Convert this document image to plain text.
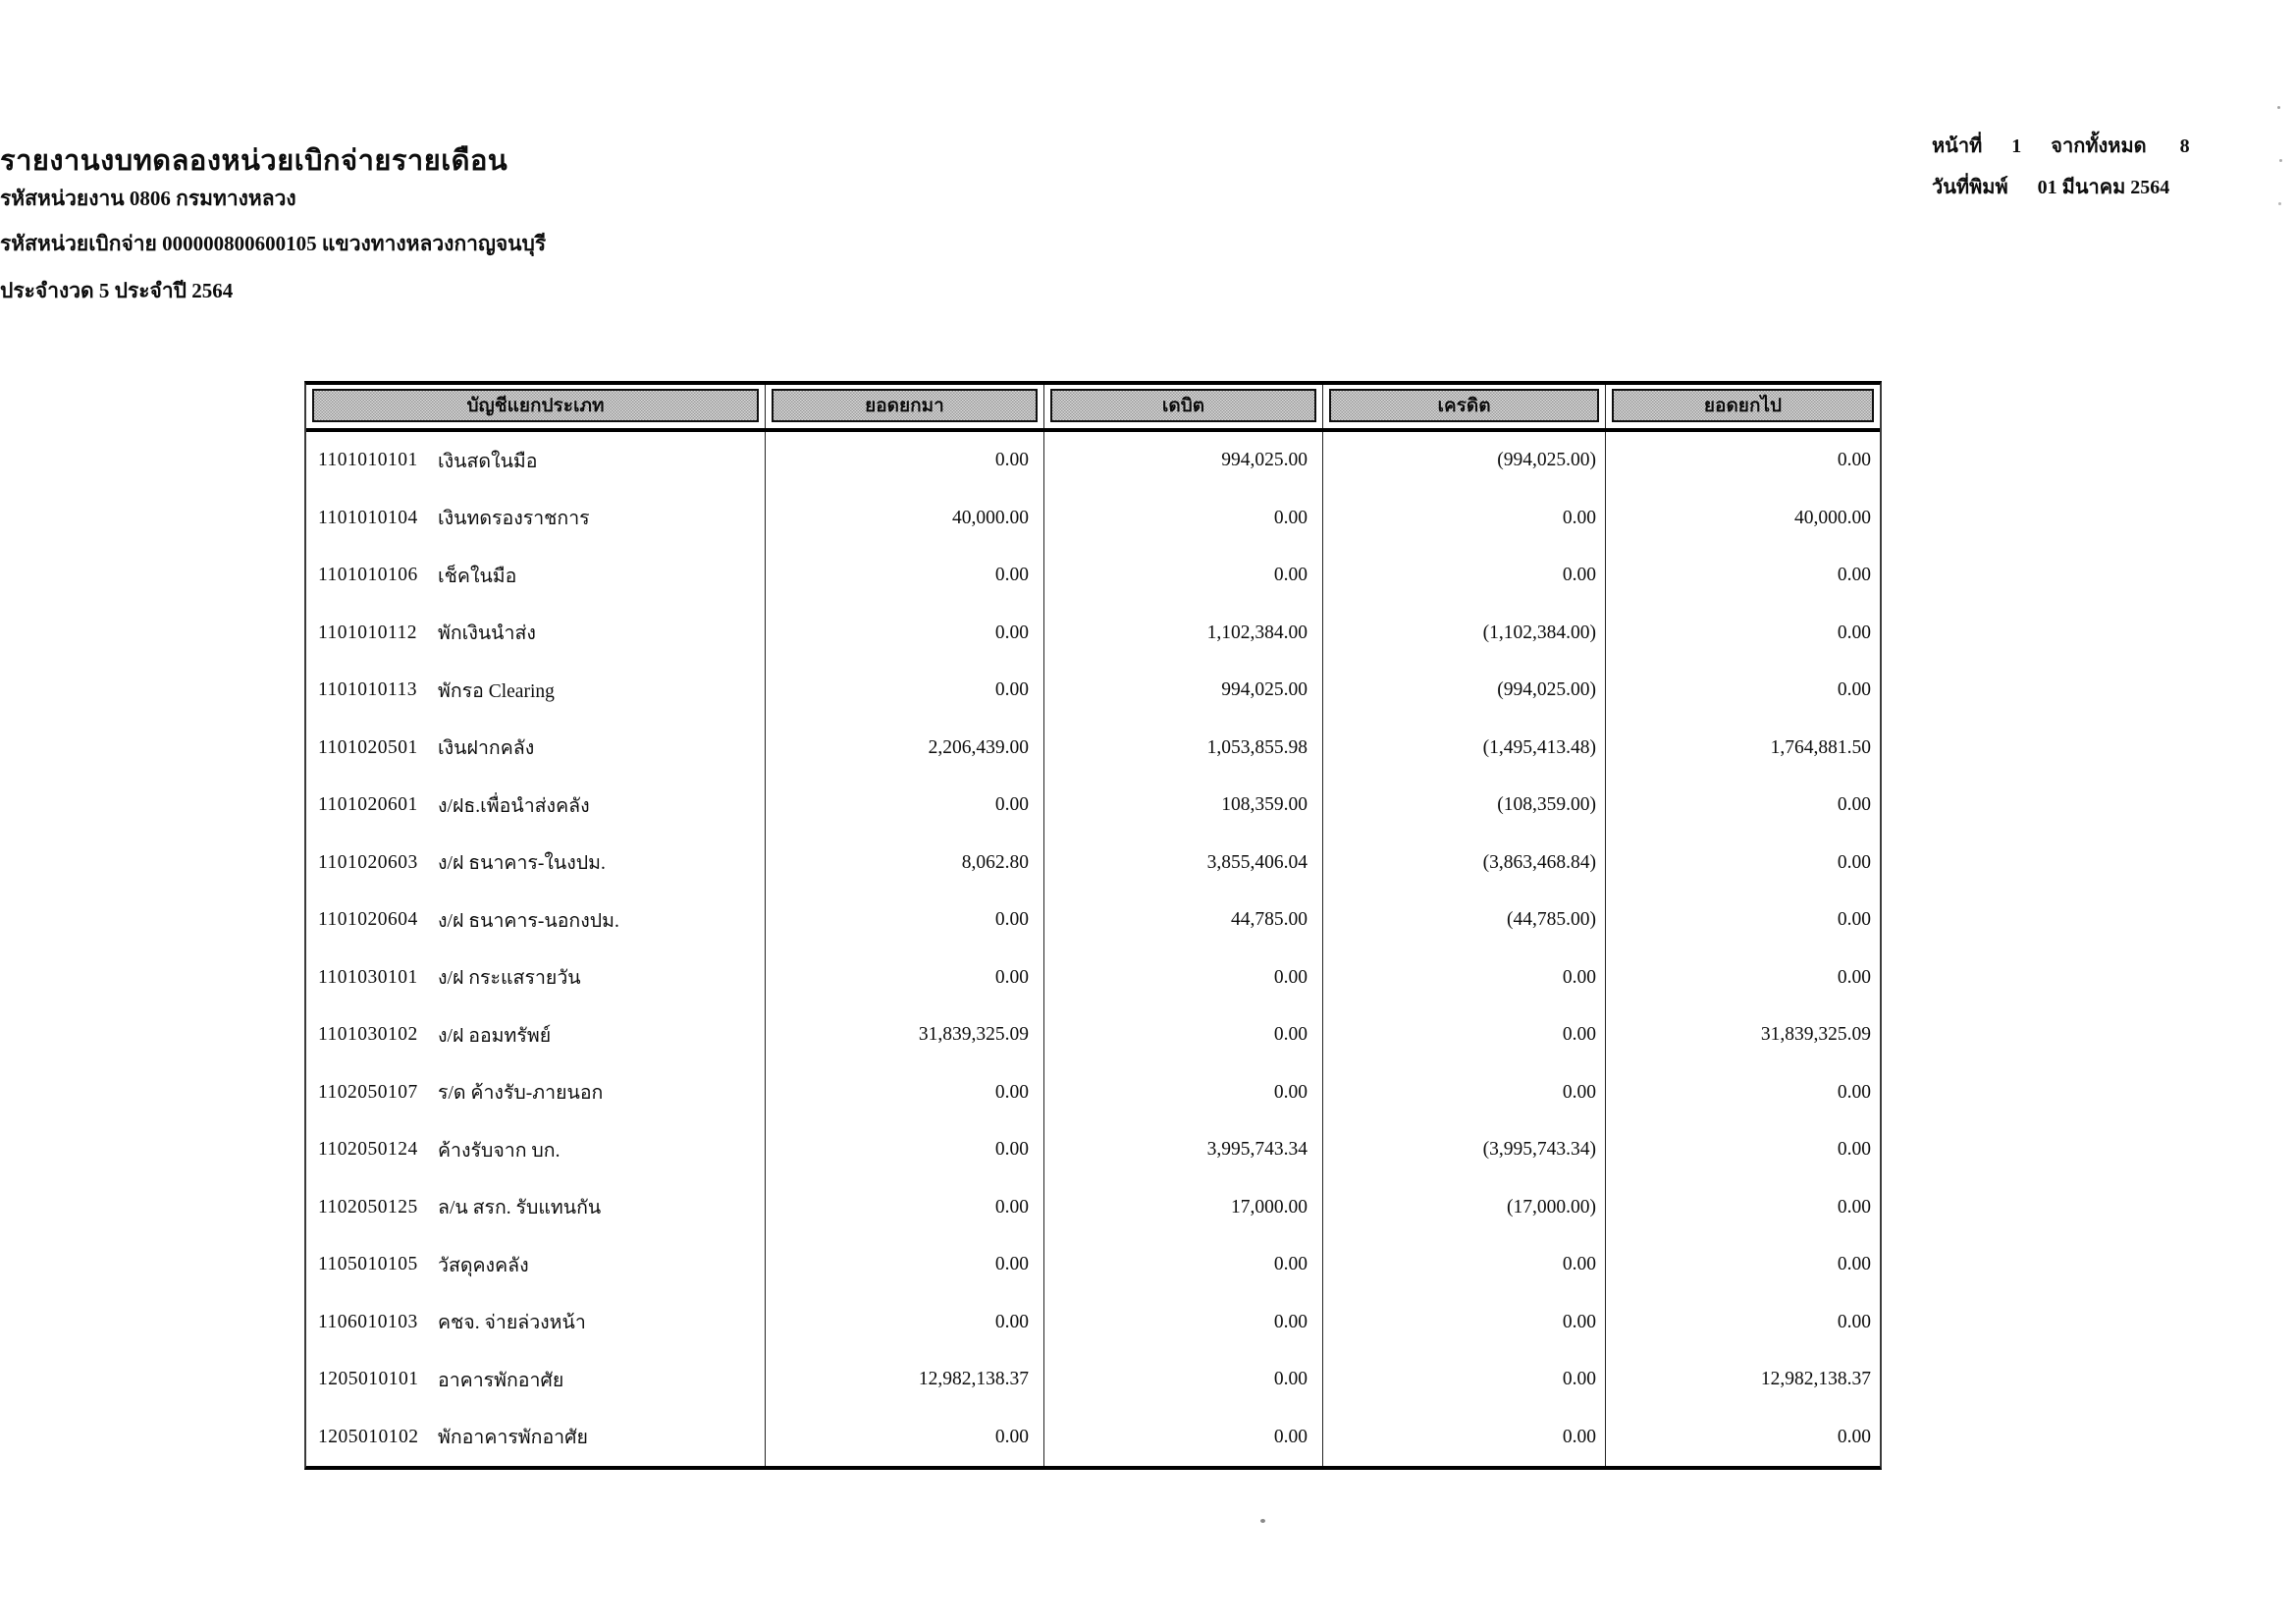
รายงานงบทดลองหน่วยเบิกจ่ายรายเดือน
รหัสหน่วยงาน 0806 กรมทางหลวง
รหัสหน่วยเบิกจ่าย 000000800600105 แขวงทางหลวงกาญจนบุรี
ประจำงวด 5 ประจำปี 2564
หน้าที่ 1 จากทั้งหมด 8
วันที่พิมพ์ 01 มีนาคม 2564
บัญชีแยกประเภท	ยอดยกมา	เดบิต	เครดิต	ยอดยกไป
1101010101	เงินสดในมือ	0.00	994,025.00	(994,025.00)	0.00
1101010104	เงินทดรองราชการ	40,000.00	0.00	0.00	40,000.00
1101010106	เช็คในมือ	0.00	0.00	0.00	0.00
1101010112	พักเงินนำส่ง	0.00	1,102,384.00	(1,102,384.00)	0.00
1101010113	พักรอ Clearing	0.00	994,025.00	(994,025.00)	0.00
1101020501	เงินฝากคลัง	2,206,439.00	1,053,855.98	(1,495,413.48)	1,764,881.50
1101020601	ง/ฝธ.เพื่อนำส่งคลัง	0.00	108,359.00	(108,359.00)	0.00
1101020603	ง/ฝ ธนาคาร-ในงปม.	8,062.80	3,855,406.04	(3,863,468.84)	0.00
1101020604	ง/ฝ ธนาคาร-นอกงปม.	0.00	44,785.00	(44,785.00)	0.00
1101030101	ง/ฝ กระแสรายวัน	0.00	0.00	0.00	0.00
1101030102	ง/ฝ ออมทรัพย์	31,839,325.09	0.00	0.00	31,839,325.09
1102050107	ร/ด ค้างรับ-ภายนอก	0.00	0.00	0.00	0.00
1102050124	ค้างรับจาก บก.	0.00	3,995,743.34	(3,995,743.34)	0.00
1102050125	ล/น สรก. รับแทนกัน	0.00	17,000.00	(17,000.00)	0.00
1105010105	วัสดุคงคลัง	0.00	0.00	0.00	0.00
1106010103	คชจ. จ่ายล่วงหน้า	0.00	0.00	0.00	0.00
1205010101	อาคารพักอาศัย	12,982,138.37	0.00	0.00	12,982,138.37
1205010102	พักอาคารพักอาศัย	0.00	0.00	0.00	0.00
